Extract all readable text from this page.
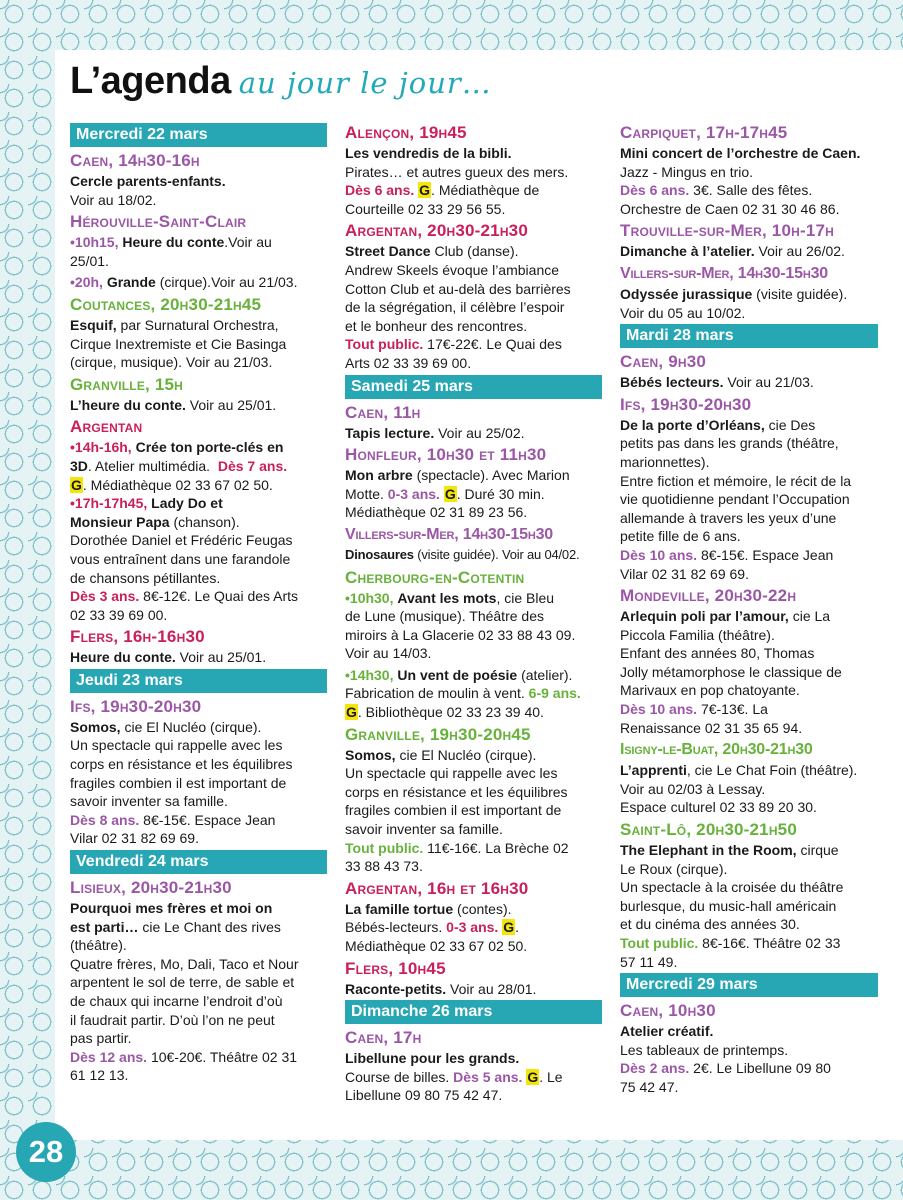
L’agenda au jour le jour…
Mercredi 22 mars
Caen, 14h30-16h
Cercle parents-enfants.
Voir au 18/02.
Hérouville-Saint-Clair
•10h15, Heure du conte.Voir au
25/01.
•20h, Grande (cirque).Voir au 21/03.
Coutances, 20h30-21h45
Esquif, par Surnatural Orchestra,
Cirque Inextremiste et Cie Basinga
(cirque, musique). Voir au 21/03.
Granville, 15h
L’heure du conte. Voir au 25/01.
Argentan
•14h-16h, Crée ton porte-clés en
3D. Atelier multimédia. Dès 7 ans.
G. Médiathèque 02 33 67 02 50.
•17h-17h45, Lady Do et
Monsieur Papa (chanson).
Dorothée Daniel et Frédéric Feugas
vous entraînent dans une farandole
de chansons pétillantes.
Dès 3 ans. 8€-12€. Le Quai des Arts
02 33 39 69 00.
Flers, 16h-16h30
Heure du conte. Voir au 25/01.
Jeudi 23 mars
Ifs, 19h30-20h30
Somos, cie El Nucléo (cirque).
Un spectacle qui rappelle avec les
corps en résistance et les équilibres
fragiles combien il est important de
savoir inventer sa famille.
Dès 8 ans. 8€-15€. Espace Jean
Vilar 02 31 82 69 69.
Vendredi 24 mars
Lisieux, 20h30-21h30
Pourquoi mes frères et moi on
est parti… cie Le Chant des rives
(théâtre).
Quatre frères, Mo, Dali, Taco et Nour
arpentent le sol de terre, de sable et
de chaux qui incarne l’endroit d’où
il faudrait partir. D’où l’on ne peut
pas partir.
Dès 12 ans. 10€-20€. Théâtre 02 31
61 12 13.
Alençon, 19h45
Les vendredis de la bibli.
Pirates… et autres gueux des mers.
Dès 6 ans. G. Médiathèque de
Courteille 02 33 29 56 55.
Argentan, 20h30-21h30
Street Dance Club (danse).
Andrew Skeels évoque l’ambiance
Cotton Club et au-delà des barrières
de la ségrégation, il célèbre l’espoir
et le bonheur des rencontres.
Tout public. 17€-22€. Le Quai des
Arts 02 33 39 69 00.
Samedi 25 mars
Caen, 11h
Tapis lecture. Voir au 25/02.
Honfleur, 10h30 et 11h30
Mon arbre (spectacle). Avec Marion
Motte. 0-3 ans. G. Duré 30 min.
Médiathèque 02 31 89 23 56.
Villers-sur-Mer, 14h30-15h30
Dinosaures (visite guidée). Voir au 04/02.
Cherbourg-en-Cotentin
•10h30, Avant les mots, cie Bleu
de Lune (musique). Théâtre des
miroirs à La Glacerie 02 33 88 43 09.
Voir au 14/03.
•14h30, Un vent de poésie (atelier).
Fabrication de moulin à vent. 6-9 ans.
G. Bibliothèque 02 33 23 39 40.
Granville, 19h30-20h45
Somos, cie El Nucléo (cirque).
Un spectacle qui rappelle avec les
corps en résistance et les équilibres
fragiles combien il est important de
savoir inventer sa famille.
Tout public. 11€-16€. La Brèche 02
33 88 43 73.
Argentan, 16h et 16h30
La famille tortue (contes).
Bébés-lecteurs. 0-3 ans. G.
Médiathèque 02 33 67 02 50.
Flers, 10h45
Raconte-petits. Voir au 28/01.
Dimanche 26 mars
Caen, 17h
Libellune pour les grands.
Course de billes. Dès 5 ans. G. Le
Libellune 09 80 75 42 47.
Carpiquet, 17h-17h45
Mini concert de l’orchestre de Caen.
Jazz - Mingus en trio.
Dès 6 ans. 3€. Salle des fêtes.
Orchestre de Caen 02 31 30 46 86.
Trouville-sur-Mer, 10h-17h
Dimanche à l’atelier. Voir au 26/02.
Villers-sur-Mer, 14h30-15h30
Odyssée jurassique (visite guidée).
Voir du 05 au 10/02.
Mardi 28 mars
Caen, 9h30
Bébés lecteurs. Voir au 21/03.
Ifs, 19h30-20h30
De la porte d’Orléans, cie Des
petits pas dans les grands (théâtre,
marionnettes).
Entre fiction et mémoire, le récit de la
vie quotidienne pendant l’Occupation
allemande à travers les yeux d’une
petite fille de 6 ans.
Dès 10 ans. 8€-15€. Espace Jean
Vilar 02 31 82 69 69.
Mondeville, 20h30-22h
Arlequin poli par l’amour, cie La
Piccola Familia (théâtre).
Enfant des années 80, Thomas
Jolly métamorphose le classique de
Marivaux en pop chatoyante.
Dès 10 ans. 7€-13€. La
Renaissance 02 31 35 65 94.
Isigny-le-Buat, 20h30-21h30
L’apprenti, cie Le Chat Foin (théâtre).
Voir au 02/03 à Lessay.
Espace culturel 02 33 89 20 30.
Saint-Lô, 20h30-21h50
The Elephant in the Room, cirque
Le Roux (cirque).
Un spectacle à la croisée du théâtre
burlesque, du music-hall américain
et du cinéma des années 30.
Tout public. 8€-16€. Théâtre 02 33
57 11 49.
Mercredi 29 mars
Caen, 10h30
Atelier créatif.
Les tableaux de printemps.
Dès 2 ans. 2€. Le Libellune 09 80
75 42 47.
28
